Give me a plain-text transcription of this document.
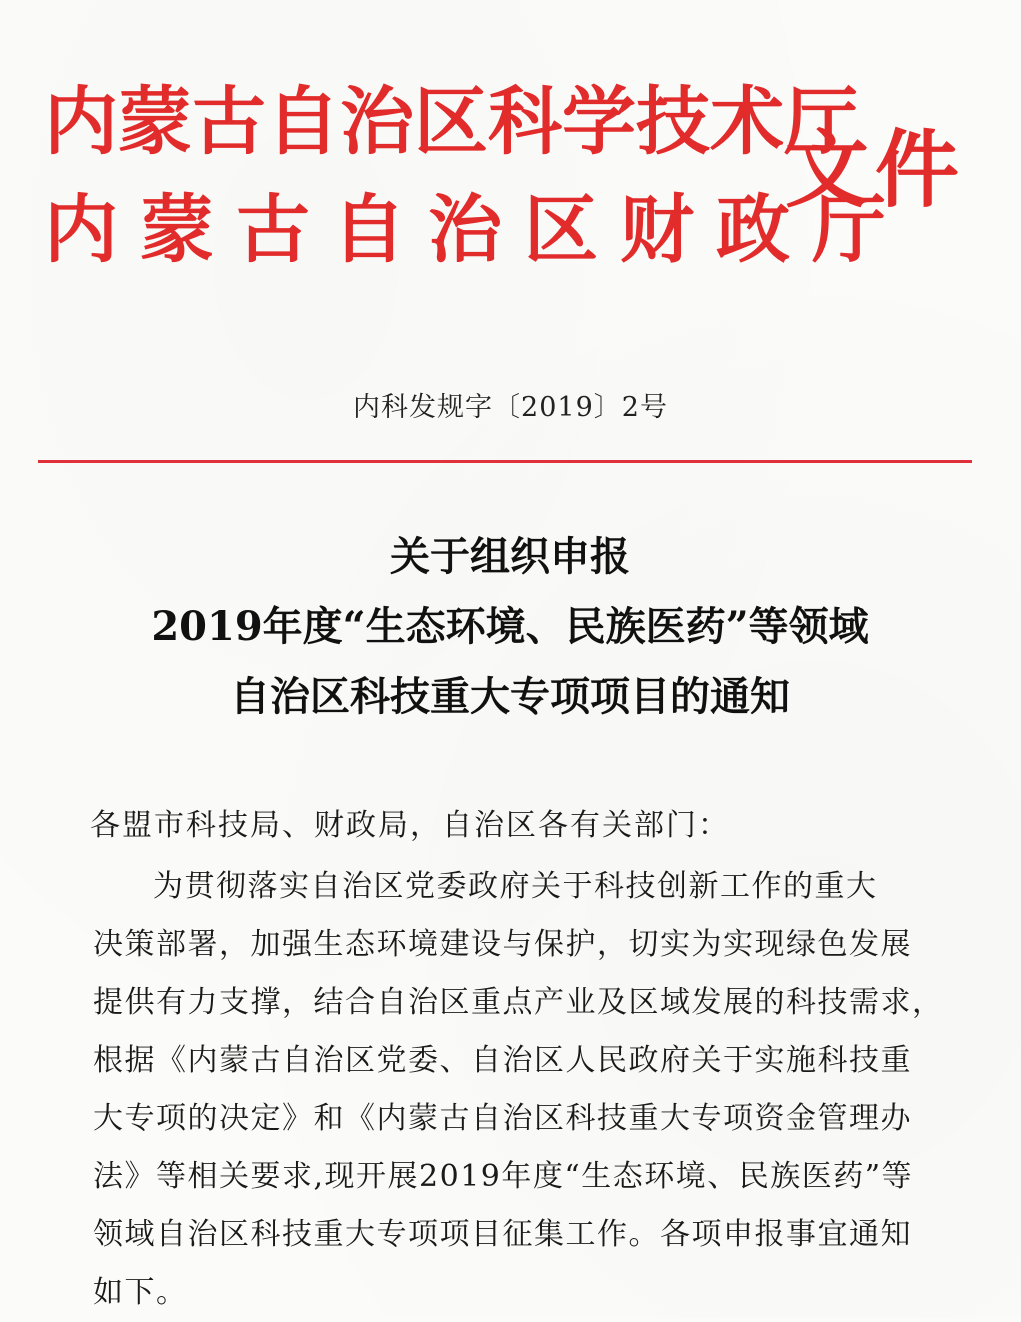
内蒙古自治区科学技术厅
内蒙古自治区财政厅
文件
内科发规字〔2019〕2号
关于组织申报
2019年度“生态环境、民族医药”等领域
自治区科技重大专项项目的通知
各盟市科技局、财政局，自治区各有关部门：
为贯彻落实自治区党委政府关于科技创新工作的重大
决策部署，加强生态环境建设与保护，切实为实现绿色发展
提供有力支撑，结合自治区重点产业及区域发展的科技需求，
根据《内蒙古自治区党委、自治区人民政府关于实施科技重
大专项的决定》和《内蒙古自治区科技重大专项资金管理办
法》等相关要求,现开展2019年度“生态环境、民族医药”等
领域自治区科技重大专项项目征集工作。各项申报事宜通知
如下。
